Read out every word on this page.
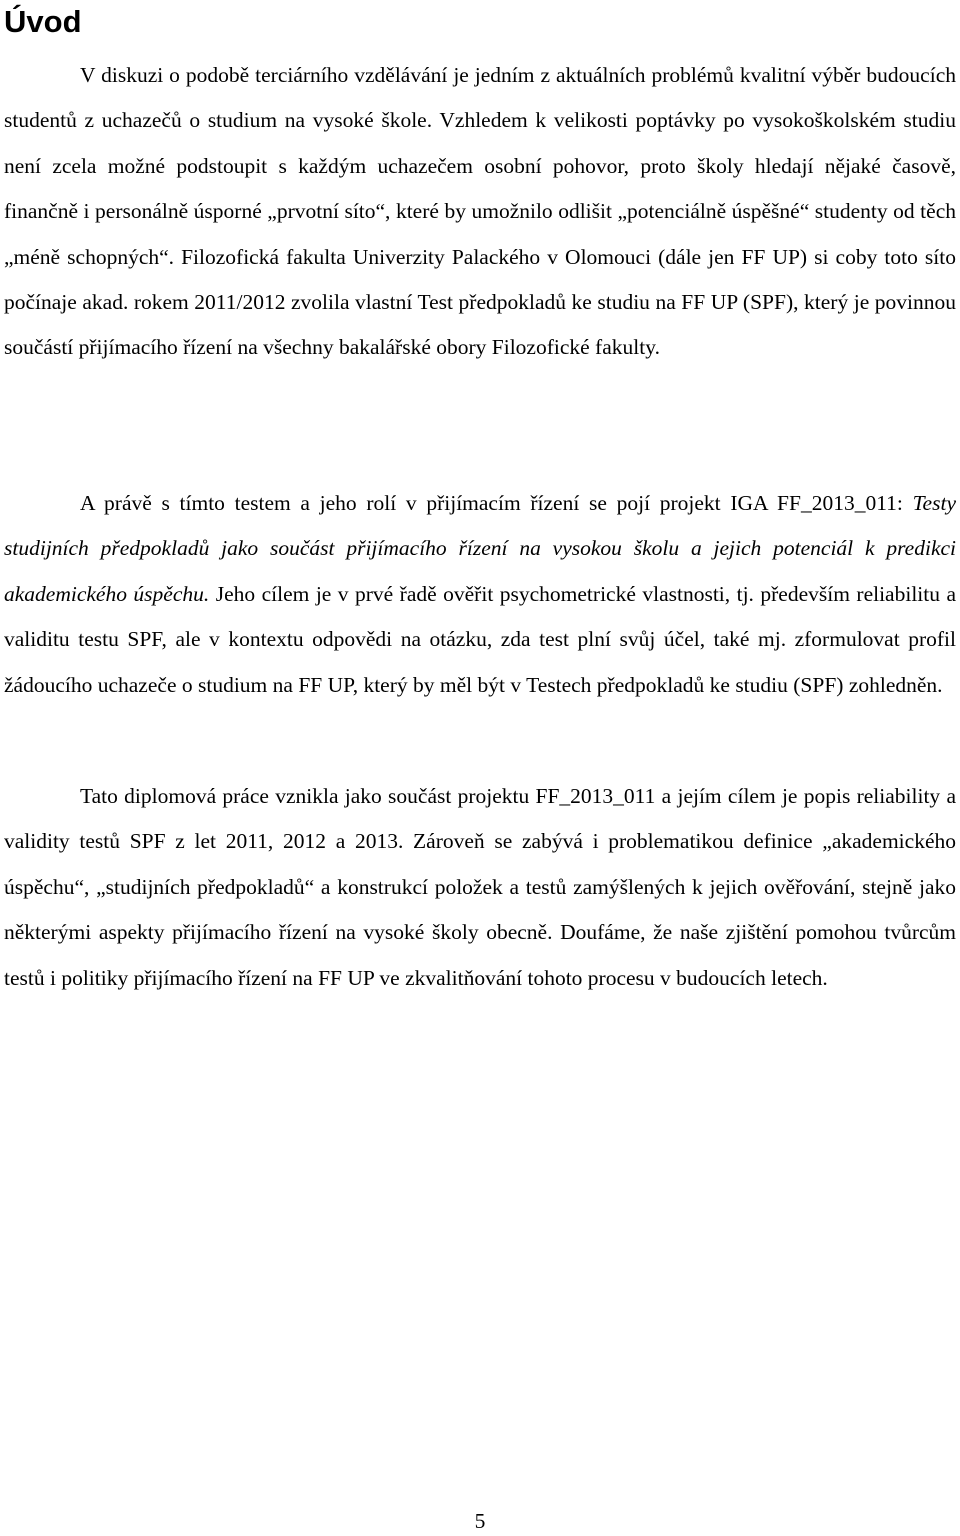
Úvod

V diskuzi o podobě terciárního vzdělávání je jedním z aktuálních problémů kvalitní výběr budoucích studentů z uchazečů o studium na vysoké škole. Vzhledem k velikosti poptávky po vysokoškolském studiu není zcela možné podstoupit s každým uchazečem osobní pohovor, proto školy hledají nějaké časově, finančně i personálně úsporné „prvotní síto“, které by umožnilo odlišit „potenciálně úspěšné“ studenty od těch „méně schopných“. Filozofická fakulta Univerzity Palackého v Olomouci (dále jen FF UP) si coby toto síto počínaje akad. rokem 2011/2012 zvolila vlastní Test předpokladů ke studiu na FF UP (SPF), který je povinnou součástí přijímacího řízení na všechny bakalářské obory Filozofické fakulty.

A právě s tímto testem a jeho rolí v přijímacím řízení se pojí projekt IGA FF_2013_011: Testy studijních předpokladů jako součást přijímacího řízení na vysokou školu a jejich potenciál k predikci akademického úspěchu. Jeho cílem je v prvé řadě ověřit psychometrické vlastnosti, tj. především reliabilitu a validitu testu SPF, ale v kontextu odpovědi na otázku, zda test plní svůj účel, také mj. zformulovat profil žádoucího uchazeče o studium na FF UP, který by měl být v Testech předpokladů ke studiu (SPF) zohledněn.

Tato diplomová práce vznikla jako součást projektu FF_2013_011 a jejím cílem je popis reliability a validity testů SPF z let 2011, 2012 a 2013. Zároveň se zabývá i problematikou definice „akademického úspěchu“, „studijních předpokladů“ a konstrukcí položek a testů zamýšlených k jejich ověřování, stejně jako některými aspekty přijímacího řízení na vysoké školy obecně. Doufáme, že naše zjištění pomohou tvůrcům testů i politiky přijímacího řízení na FF UP ve zkvalitňování tohoto procesu v budoucích letech.

5
